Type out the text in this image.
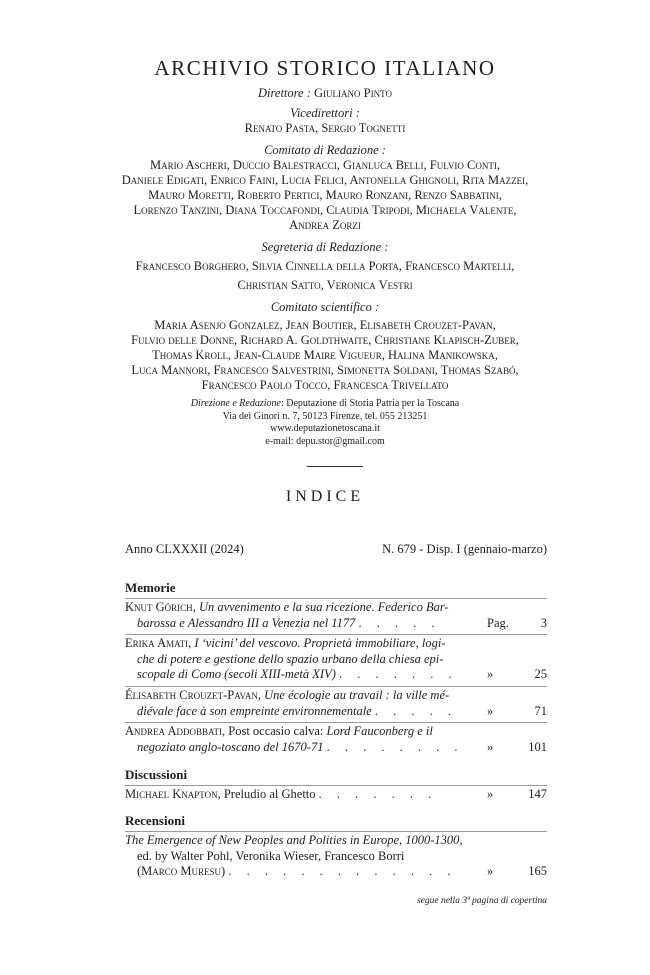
ARCHIVIO STORICO ITALIANO
Direttore : Giuliano Pinto
Vicedirettori :
Renato Pasta, Sergio Tognetti
Comitato di Redazione :
Mario Ascheri, Duccio Balestracci, Gianluca Belli, Fulvio Conti,
Daniele Edigati, Enrico Faini, Lucia Felici, Antonella Ghignoli, Rita Mazzei,
Mauro Moretti, Roberto Pertici, Mauro Ronzani, Renzo Sabbatini,
Lorenzo Tanzini, Diana Toccafondi, Claudia Tripodi, Michaela Valente,
Andrea Zorzi
Segreteria di Redazione :
Francesco Borghero, Silvia Cinnella della Porta, Francesco Martelli,
Christian Satto, Veronica Vestri
Comitato scientifico :
Maria Asenjo Gonzalez, Jean Boutier, Elisabeth Crouzet-Pavan,
Fulvio delle Donne, Richard A. Goldthwaite, Christiane Klapisch-Zuber,
Thomas Kroll, Jean-Claude Maire Vigueur, Halina Manikowska,
Luca Mannori, Francesco Salvestrini, Simonetta Soldani, Thomas Szabó,
Francesco Paolo Tocco, Francesca Trivellato
Direzione e Redazione: Deputazione di Storia Patria per la Toscana
Via dei Ginori n. 7, 50123 Firenze, tel. 055 213251
www.deputazionetoscana.it
e-mail: depu.stor@gmail.com
INDICE
Anno CLXXXII (2024)	N. 679 - Disp. I (gennaio-marzo)
Memorie
Knut Görich, Un avvenimento e la sua ricezione. Federico Bar-
barossa e Alessandro III a Venezia nel 1177 . . . . .	Pag.	3
Erika Amati, I ‘vicini’ del vescovo. Proprietà immobiliare, logi-
che di potere e gestione dello spazio urbano della chiesa epi-
scopale di Como (secoli XIII-metà XIV) . . . . . . .	»	25
Élisabeth Crouzet-Pavan, Une écologie au travail : la ville mé-
diévale face à son empreinte environnementale . . . . .	»	71
Andrea Addobbati, Post occasio calva: Lord Fauconberg e il
negoziato anglo-toscano del 1670-71 . . . . . . . .	»	101
Discussioni
Michael Knapton, Preludio al Ghetto . . . . . . .	»	147
Recensioni
The Emergence of New Peoples and Polities in Europe, 1000-1300,
ed. by Walter Pohl, Veronika Wieser, Francesco Borri
(Marco Muresu) . . . . . . . . . . . . .	»	165
segue nella 3ª pagina di copertina
